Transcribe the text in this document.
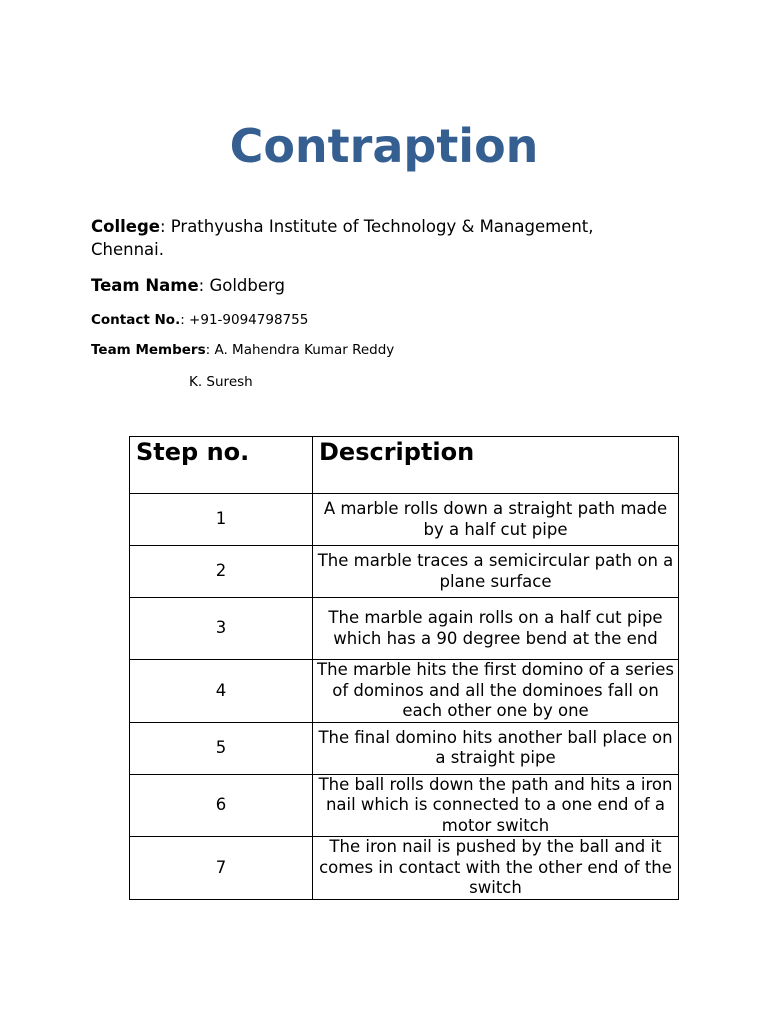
Contraption
College: Prathyusha Institute of Technology & Management, Chennai.
Team Name: Goldberg
Contact No.: +91-9094798755
Team Members: A. Mahendra Kumar Reddy
K. Suresh
Step no.	Description
1	A marble rolls down a straight path made by a half cut pipe
2	The marble traces a semicircular path on a plane surface
3	The marble again rolls on a half cut pipe which has a 90 degree bend at the end
4	The marble hits the first domino of a series of dominos and all the dominoes fall on each other one by one
5	The final domino hits another ball place on a straight pipe
6	The ball rolls down the path and hits a iron nail which is connected to a one end of a motor switch
7	The iron nail is pushed by the ball and it comes in contact with the other end of the switch
